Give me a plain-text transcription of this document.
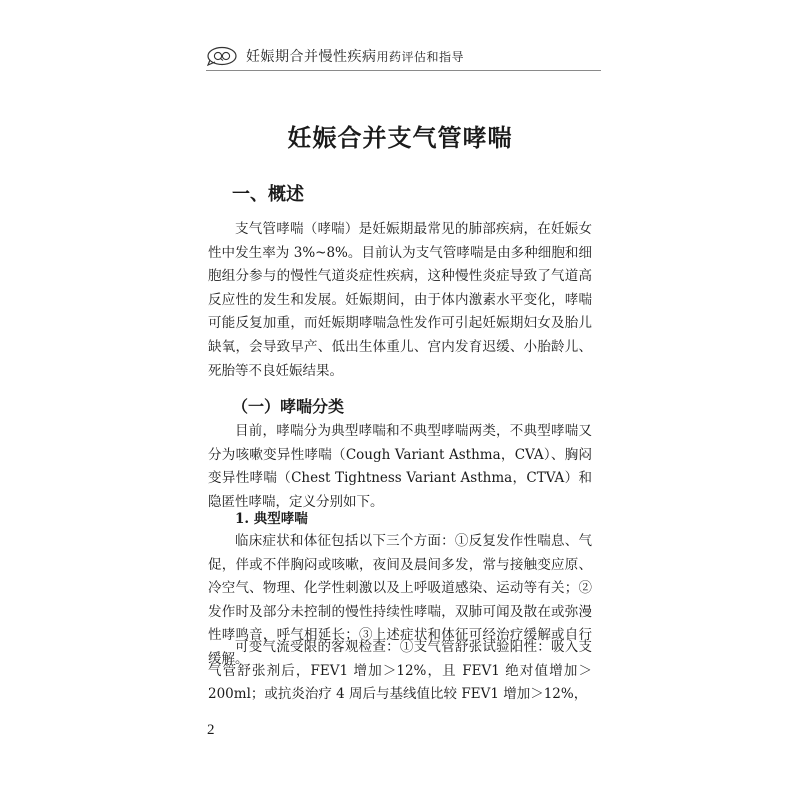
妊娠期合并慢性疾病用药评估和指导
妊娠合并支气管哮喘
一、概述

支气管哮喘（哮喘）是妊娠期最常见的肺部疾病，在妊娠女性中发生率为 3%~8%。目前认为支气管哮喘是由多种细胞和细胞组分参与的慢性气道炎症性疾病，这种慢性炎症导致了气道高反应性的发生和发展。妊娠期间，由于体内激素水平变化，哮喘可能反复加重，而妊娠期哮喘急性发作可引起妊娠期妇女及胎儿缺氧，会导致早产、低出生体重儿、宫内发育迟缓、小胎龄儿、死胎等不良妊娠结果。

（一）哮喘分类

目前，哮喘分为典型哮喘和不典型哮喘两类，不典型哮喘又分为咳嗽变异性哮喘（Cough Variant Asthma，CVA）、胸闷变异性哮喘（Chest Tightness Variant Asthma，CTVA）和隐匿性哮喘，定义分别如下。

1. 典型哮喘

临床症状和体征包括以下三个方面：①反复发作性喘息、气促，伴或不伴胸闷或咳嗽，夜间及晨间多发，常与接触变应原、冷空气、物理、化学性刺激以及上呼吸道感染、运动等有关；②发作时及部分未控制的慢性持续性哮喘，双肺可闻及散在或弥漫性哮鸣音，呼气相延长；③上述症状和体征可经治疗缓解或自行缓解。

可变气流受限的客观检查：①支气管舒张试验阳性：吸入支气管舒张剂后，FEV1 增加＞12%，且 FEV1 绝对值增加＞200ml；或抗炎治疗 4 周后与基线值比较 FEV1 增加＞12%，

2
